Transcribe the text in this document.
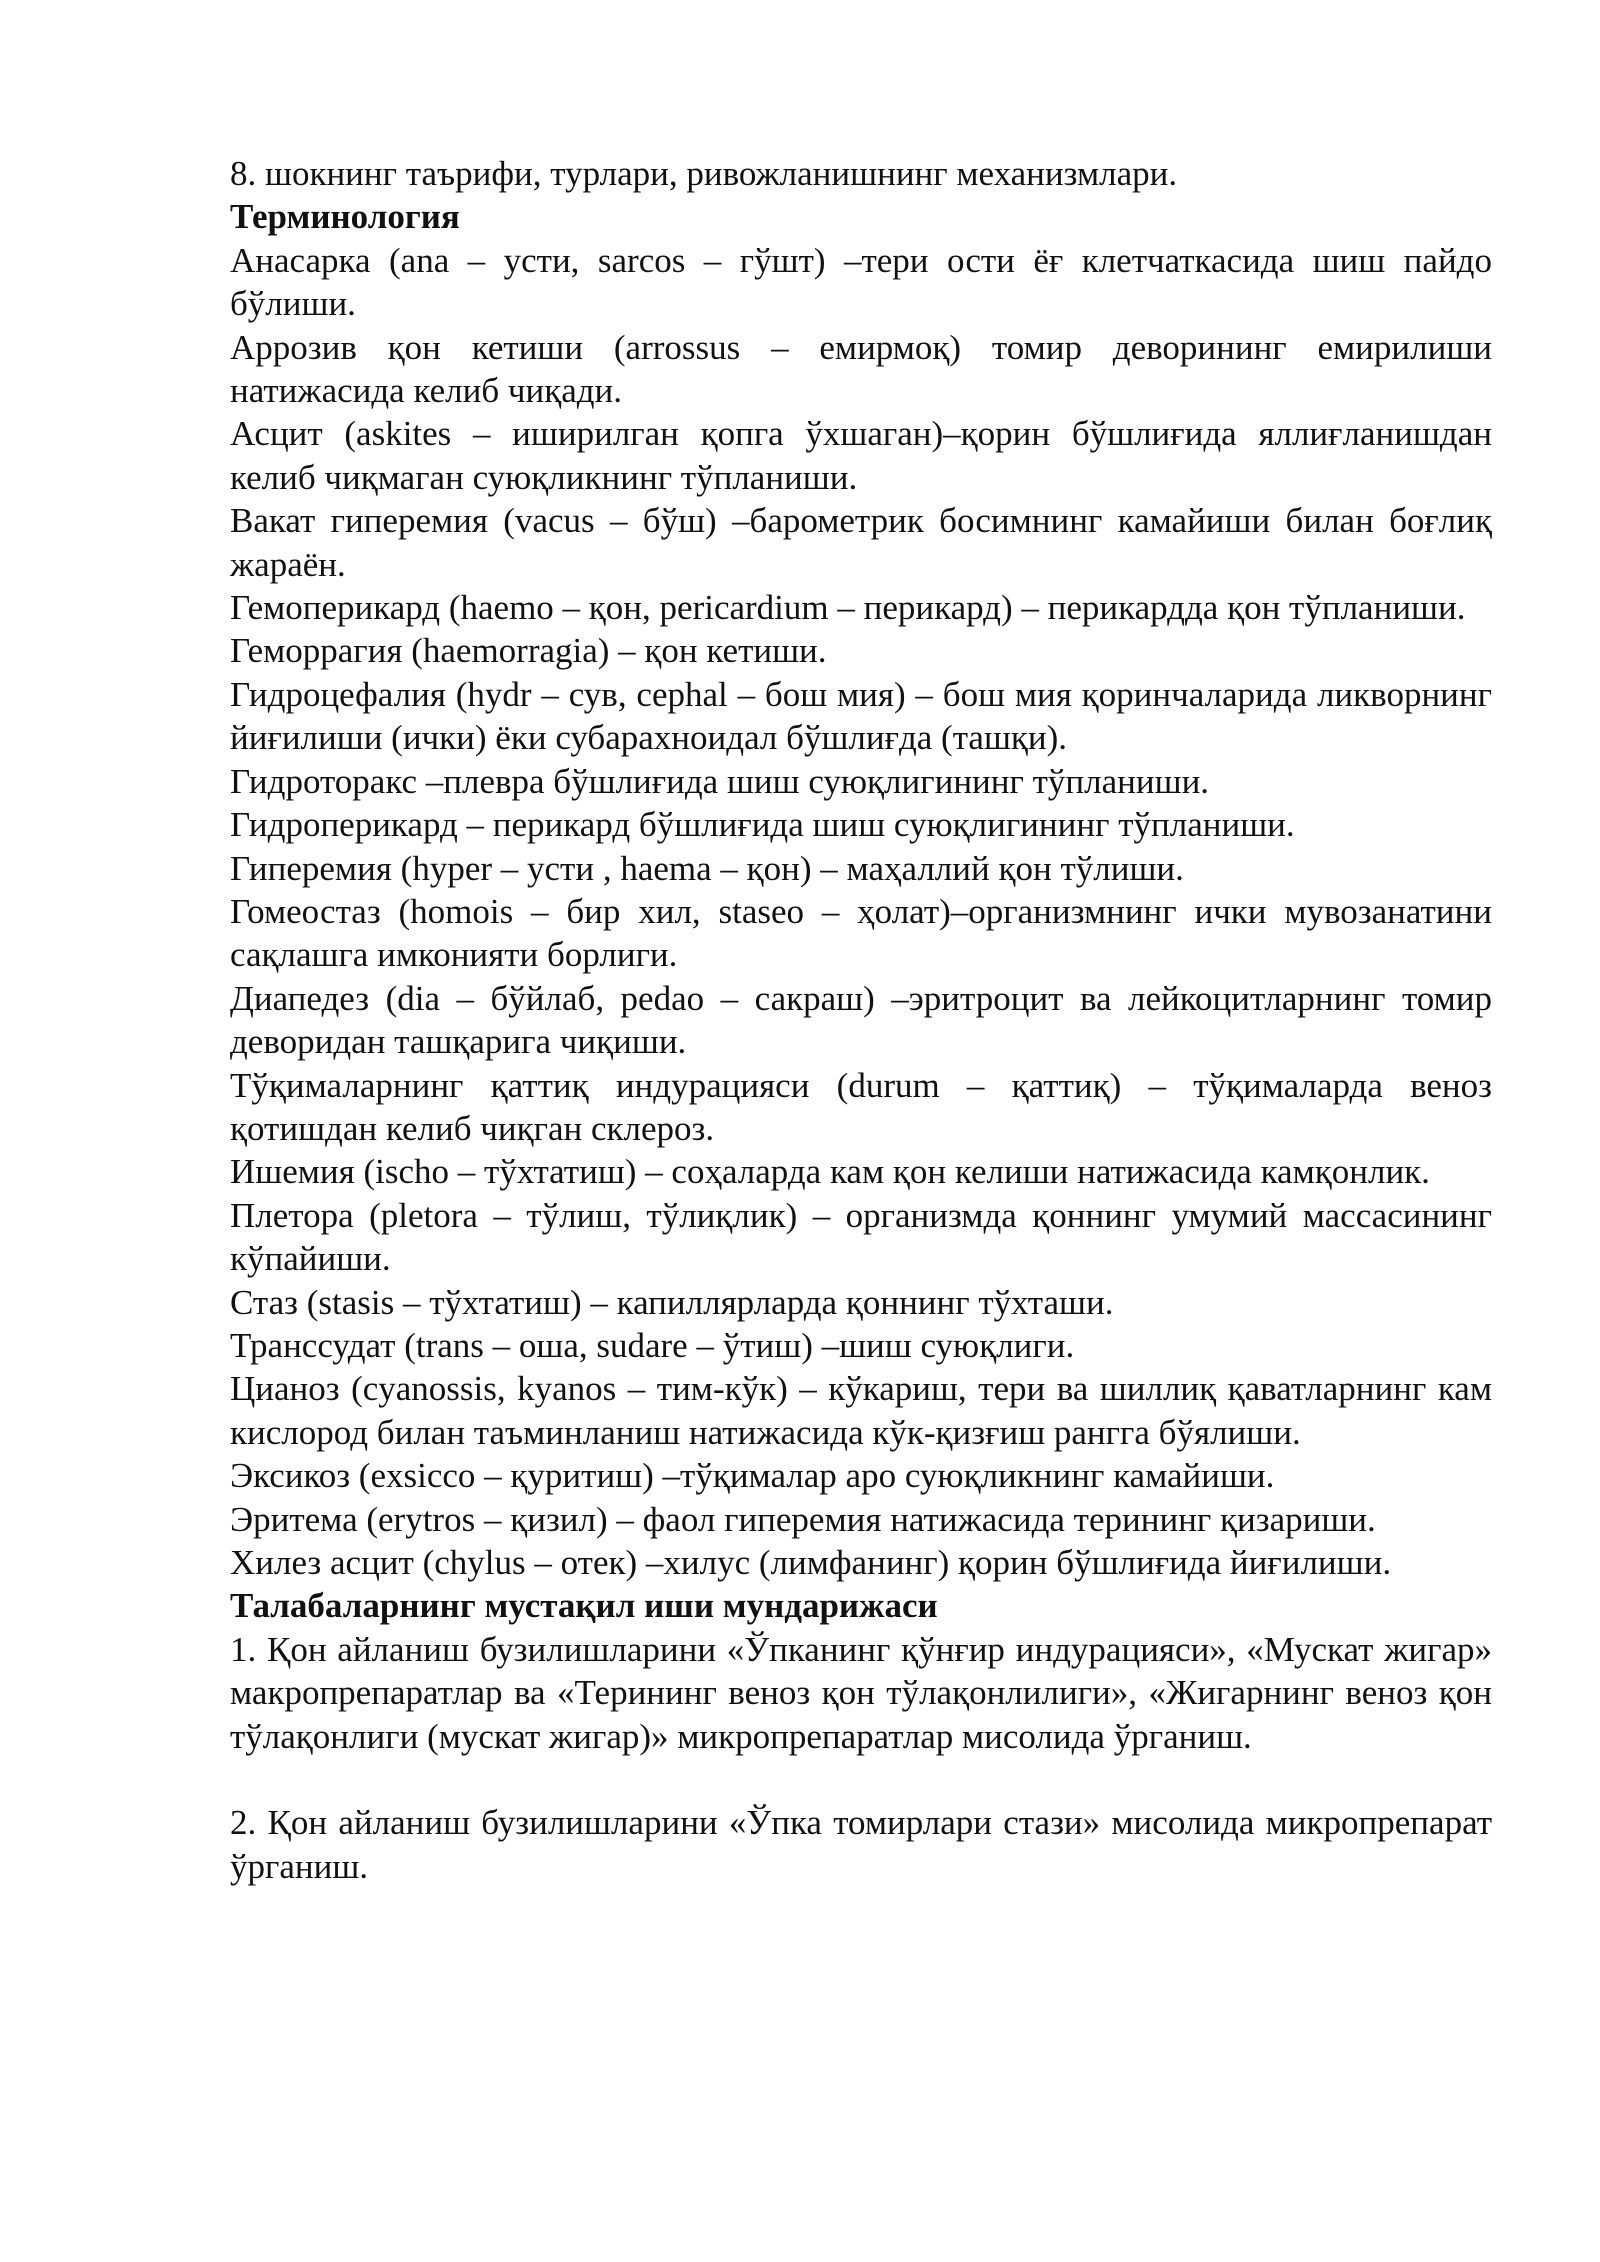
8. шокнинг таърифи, турлари, ривожланишнинг механизмлари.

Терминология

Анасарка (ana – усти, sarcos – гўшт) –тери ости ёғ клетчаткасида шиш пайдо бўлиши.

Аррозив қон кетиши (arrossus – емирмоқ) томир деворининг емирилиши натижасида келиб чиқади.

Асцит (askites – иширилган қопга ўхшаган)–қорин бўшлиғида яллиғланишдан келиб чиқмаган суюқликнинг тўпланиши.

Вакат гиперемия (vacus – бўш) –барометрик босимнинг камайиши билан боғлиқ жараён.

Гемоперикард (haemo – қон, pericardium – перикард) – перикардда қон тўпланиши.

Геморрагия (haemorragia) – қон кетиши.

Гидроцефалия (hydr – сув, cephal – бош мия) – бош мия қоринчаларида ликворнинг йиғилиши (ички) ёки субарахноидал бўшлиғда (ташқи).

Гидроторакс –плевра бўшлиғида шиш суюқлигининг тўпланиши.

Гидроперикард – перикард бўшлиғида шиш суюқлигининг тўпланиши.

Гиперемия (hyper – усти , haema – қон) – маҳаллий қон тўлиши.

Гомеостаз (homois – бир хил, staseo – ҳолат)–организмнинг ички мувозанатини сақлашга имконияти борлиги.

Диапедез (dia – бўйлаб, pedao – сакраш) –эритроцит ва лейкоцитларнинг томир деворидан ташқарига чиқиши.

Тўқималарнинг қаттиқ индурацияси (durum – қаттиқ) – тўқималарда веноз қотишдан келиб чиқган склероз.

Ишемия (ischo – тўхтатиш) – соҳаларда кам қон келиши натижасида камқонлик.

Плетора (pletora – тўлиш, тўлиқлик) – организмда қоннинг умумий массасининг кўпайиши.

Стаз (stasis – тўхтатиш) – капиллярларда қоннинг тўхташи.

Транссудат (trans – оша, sudare – ўтиш) –шиш суюқлиги.

Цианоз (cyanossis, kyanos – тим-кўк) – кўкариш, тери ва шиллиқ қаватларнинг кам кислород билан таъминланиш натижасида кўк-қизғиш рангга бўялиши.

Эксикоз (exsicco – қуритиш) –тўқималар аро суюқликнинг камайиши.

Эритема (erytros – қизил) – фаол гиперемия натижасида терининг қизариши.

Хилез асцит (chylus – отек) –хилус (лимфанинг) қорин бўшлиғида йиғилиши.

Талабаларнинг мустақил иши мундарижаси

1. Қон айланиш бузилишларини «Ўпканинг қўнғир индурацияси», «Мускат жигар» макропрепаратлар ва «Терининг веноз қон тўлақонлилиги», «Жигарнинг веноз қон тўлақонлиги (мускат жигар)» микропрепаратлар мисолида ўрганиш.

2. Қон айланиш бузилишларини «Ўпка томирлари стази» мисолида микропрепарат ўрганиш.
